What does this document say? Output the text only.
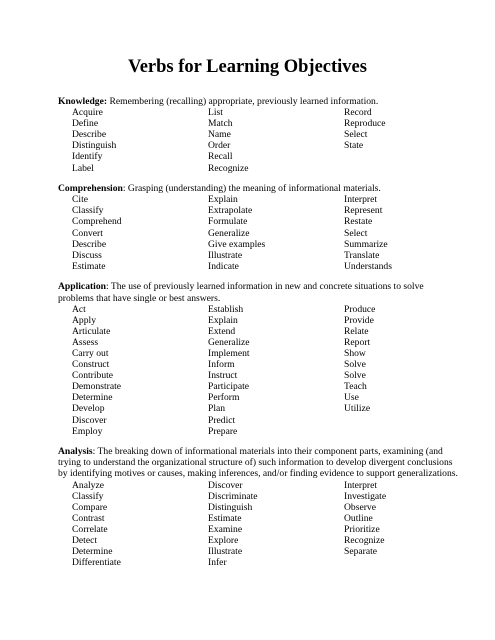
Verbs for Learning Objectives

Knowledge: Remembering (recalling) appropriate, previously learned information.

Acquire	List	Record
Define	Match	Reproduce
Describe	Name	Select
Distinguish	Order	State
Identify	Recall
Label	Recognize

Comprehension: Grasping (understanding) the meaning of informational materials.

Cite	Explain	Interpret
Classify	Extrapolate	Represent
Comprehend	Formulate	Restate
Convert	Generalize	Select
Describe	Give examples	Summarize
Discuss	Illustrate	Translate
Estimate	Indicate	Understands

Application: The use of previously learned information in new and concrete situations to solve problems that have single or best answers.

Act	Establish	Produce
Apply	Explain	Provide
Articulate	Extend	Relate
Assess	Generalize	Report
Carry out	Implement	Show
Construct	Inform	Solve
Contribute	Instruct	Solve
Demonstrate	Participate	Teach
Determine	Perform	Use
Develop	Plan	Utilize
Discover	Predict
Employ	Prepare

Analysis: The breaking down of informational materials into their component parts, examining (and trying to understand the organizational structure of) such information to develop divergent conclusions by identifying motives or causes, making inferences, and/or finding evidence to support generalizations.

Analyze	Discover	Interpret
Classify	Discriminate	Investigate
Compare	Distinguish	Observe
Contrast	Estimate	Outline
Correlate	Examine	Prioritize
Detect	Explore	Recognize
Determine	Illustrate	Separate
Differentiate	Infer
